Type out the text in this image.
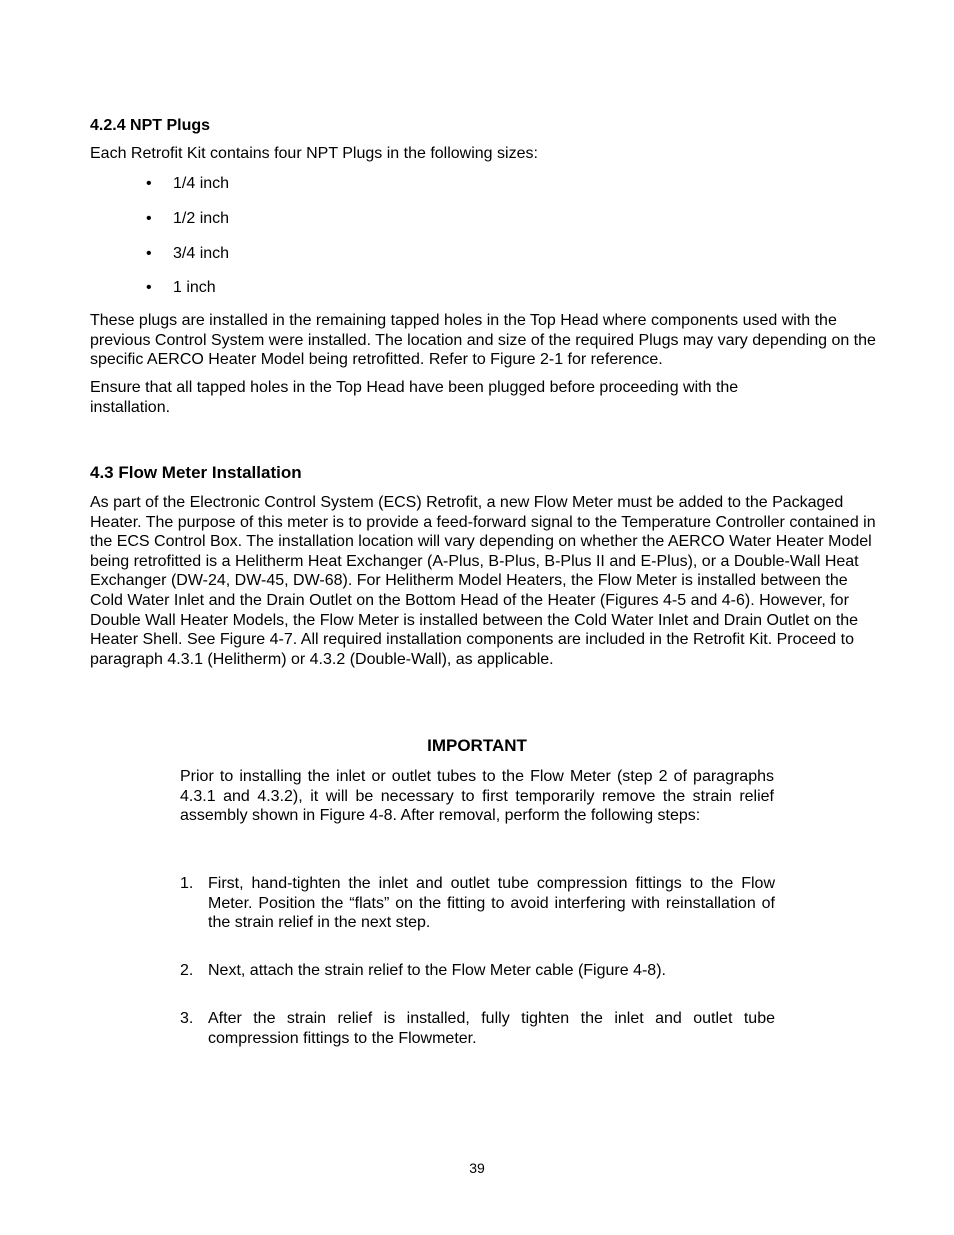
4.2.4 NPT Plugs

Each Retrofit Kit contains four NPT Plugs in the following sizes:

• 1/4 inch
• 1/2 inch
• 3/4 inch
• 1 inch

These plugs are installed in the remaining tapped holes in the Top Head where components used with the previous Control System were installed. The location and size of the required Plugs may vary depending on the specific AERCO Heater Model being retrofitted. Refer to Figure 2-1 for reference.

Ensure that all tapped holes in the Top Head have been plugged before proceeding with the installation.

4.3 Flow Meter Installation

As part of the Electronic Control System (ECS) Retrofit, a new Flow Meter must be added to the Packaged Heater. The purpose of this meter is to provide a feed-forward signal to the Temperature Controller contained in the ECS Control Box. The installation location will vary depending on whether the AERCO Water Heater Model being retrofitted is a Helitherm Heat Exchanger (A-Plus, B-Plus, B-Plus II and E-Plus), or a Double-Wall Heat Exchanger (DW-24, DW-45, DW-68). For Helitherm Model Heaters, the Flow Meter is installed between the Cold Water Inlet and the Drain Outlet on the Bottom Head of the Heater (Figures 4-5 and 4-6). However, for Double Wall Heater Models, the Flow Meter is installed between the Cold Water Inlet and Drain Outlet on the Heater Shell. See Figure 4-7. All required installation components are included in the Retrofit Kit. Proceed to paragraph 4.3.1 (Helitherm) or 4.3.2 (Double-Wall), as applicable.

IMPORTANT

Prior to installing the inlet or outlet tubes to the Flow Meter (step 2 of paragraphs 4.3.1 and 4.3.2), it will be necessary to first temporarily remove the strain relief assembly shown in Figure 4-8. After removal, perform the following steps:

1. First, hand-tighten the inlet and outlet tube compression fittings to the Flow Meter. Position the “flats” on the fitting to avoid interfering with reinstallation of the strain relief in the next step.
2. Next, attach the strain relief to the Flow Meter cable (Figure 4-8).
3. After the strain relief is installed, fully tighten the inlet and outlet tube compression fittings to the Flowmeter.
39
